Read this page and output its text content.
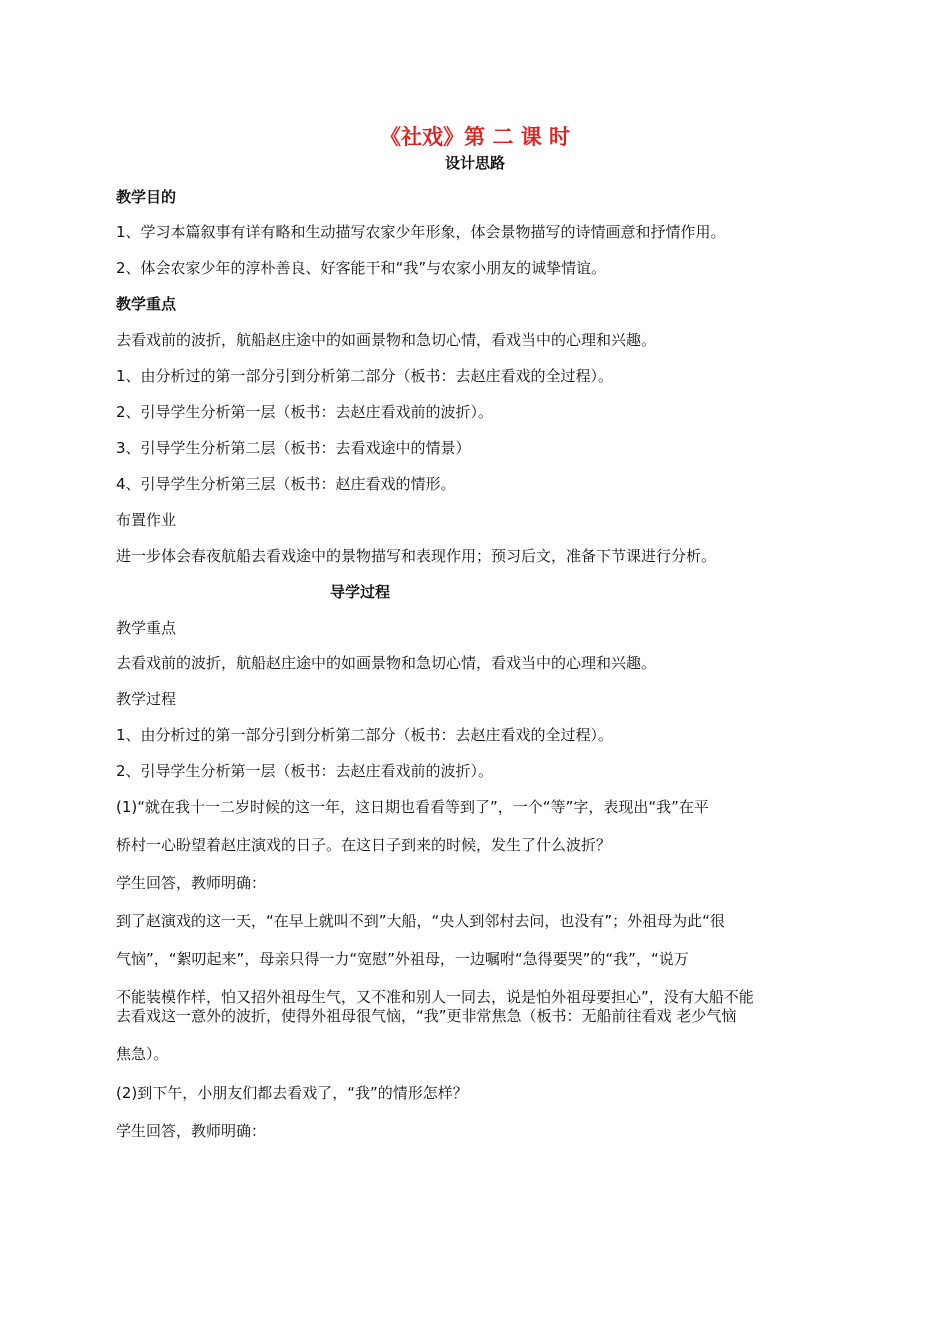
《社戏》第 二 课 时
设计思路
教学目的
1、学习本篇叙事有详有略和生动描写农家少年形象，体会景物描写的诗情画意和抒情作用。
2、体会农家少年的淳朴善良、好客能干和“我”与农家小朋友的诚挚情谊。
教学重点
去看戏前的波折，航船赵庄途中的如画景物和急切心情，看戏当中的心理和兴趣。
1、由分析过的第一部分引到分析第二部分（板书：去赵庄看戏的全过程）。
2、引导学生分析第一层（板书：去赵庄看戏前的波折）。
3、引导学生分析第二层（板书：去看戏途中的情景）
4、引导学生分析第三层（板书：赵庄看戏的情形。
布置作业
进一步体会春夜航船去看戏途中的景物描写和表现作用；预习后文，准备下节课进行分析。
导学过程
教学重点
去看戏前的波折，航船赵庄途中的如画景物和急切心情，看戏当中的心理和兴趣。
教学过程
1、由分析过的第一部分引到分析第二部分（板书：去赵庄看戏的全过程）。
2、引导学生分析第一层（板书：去赵庄看戏前的波折）。
(1)“就在我十一二岁时候的这一年，这日期也看看等到了”，一个“等”字，表现出“我”在平
桥村一心盼望着赵庄演戏的日子。在这日子到来的时候，发生了什么波折？
学生回答，教师明确：
到了赵演戏的这一天，“在早上就叫不到”大船，“央人到邻村去问，也没有”；外祖母为此“很
气恼”，“絮叨起来”，母亲只得一力“宽慰”外祖母，一边嘱咐“急得要哭”的“我”，“说万
不能装模作样，怕又招外祖母生气，又不准和别人一同去，说是怕外祖母要担心”，没有大船不能
去看戏这一意外的波折，使得外祖母很气恼，“我”更非常焦急（板书：无船前往看戏 老少气恼
焦急）。
(2)到下午，小朋友们都去看戏了，“我”的情形怎样？
学生回答，教师明确：
